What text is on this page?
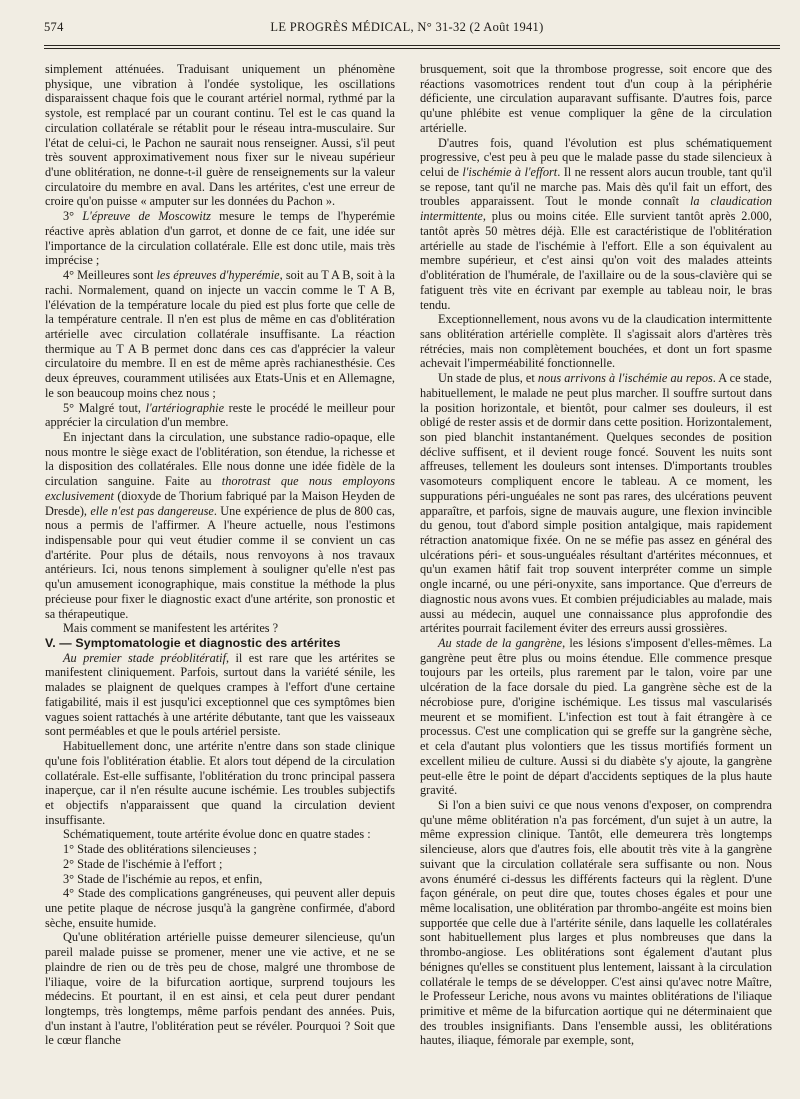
574	LE PROGRÈS MÉDICAL, N° 31-32 (2 Août 1941)

simplement atténuées. Traduisant uniquement un phénomène physique, une vibration à l'ondée systolique, les oscillations disparaissent chaque fois que le courant artériel normal, rythmé par la systole, est remplacé par un courant continu. Tel est le cas quand la circulation collatérale se rétablit pour le réseau intra-musculaire. Sur l'état de celui-ci, le Pachon ne saurait nous renseigner. Aussi, s'il peut très souvent approximativement nous fixer sur le niveau supérieur d'une oblitération, ne donne-t-il guère de renseignements sur la valeur circulatoire du membre en aval. Dans les artérites, c'est une erreur de croire qu'on puisse « amputer sur les données du Pachon ».

3° L'épreuve de Moscowitz mesure le temps de l'hyperémie réactive après ablation d'un garrot, et donne de ce fait, une idée sur l'importance de la circulation collatérale. Elle est donc utile, mais très imprécise ;

4° Meilleures sont les épreuves d'hyperémie, soit au T A B, soit à la rachi. Normalement, quand on injecte un vaccin comme le T A B, l'élévation de la température locale du pied est plus forte que celle de la température centrale. Il n'en est plus de même en cas d'oblitération artérielle avec circulation collatérale insuffisante. La réaction thermique au T A B permet donc dans ces cas d'apprécier la valeur circulatoire du membre. Il en est de même après rachianesthésie. Ces deux épreuves, couramment utilisées aux Etats-Unis et en Allemagne, le son beaucoup moins chez nous ;

5° Malgré tout, l'artériographie reste le procédé le meilleur pour apprécier la circulation d'un membre.

En injectant dans la circulation, une substance radio-opaque, elle nous montre le siège exact de l'oblitération, son étendue, la richesse et la disposition des collatérales. Elle nous donne une idée fidèle de la circulation sanguine. Faite au thorotrast que nous employons exclusivement (dioxyde de Thorium fabriqué par la Maison Heyden de Dresde), elle n'est pas dangereuse. Une expérience de plus de 800 cas, nous a permis de l'affirmer. A l'heure actuelle, nous l'estimons indispensable pour qui veut étudier comme il se convient un cas d'artérite. Pour plus de détails, nous renvoyons à nos travaux antérieurs. Ici, nous tenons simplement à souligner qu'elle n'est pas qu'un amusement iconographique, mais constitue la méthode la plus précieuse pour fixer le diagnostic exact d'une artérite, son pronostic et sa thérapeutique.

Mais comment se manifestent les artérites ?

V. — Symptomatologie et diagnostic des artérites

Au premier stade préoblitératif, il est rare que les artérites se manifestent cliniquement. Parfois, surtout dans la variété sénile, les malades se plaignent de quelques crampes à l'effort d'une certaine fatigabilité, mais il est jusqu'ici exceptionnel que ces symptômes bien vagues soient rattachés à une artérite débutante, tant que les vaisseaux sont perméables et que le pouls artériel persiste.

Habituellement donc, une artérite n'entre dans son stade clinique qu'une fois l'oblitération établie. Et alors tout dépend de la circulation collatérale. Est-elle suffisante, l'oblitération du tronc principal passera inaperçue, car il n'en résulte aucune ischémie. Les troubles subjectifs et objectifs n'apparaissent que quand la circulation devient insuffisante.

Schématiquement, toute artérite évolue donc en quatre stades :

1° Stade des oblitérations silencieuses ;

2° Stade de l'ischémie à l'effort ;

3° Stade de l'ischémie au repos, et enfin,

4° Stade des complications gangréneuses, qui peuvent aller depuis une petite plaque de nécrose jusqu'à la gangrène confirmée, d'abord sèche, ensuite humide.

Qu'une oblitération artérielle puisse demeurer silencieuse, qu'un pareil malade puisse se promener, mener une vie active, et ne se plaindre de rien ou de très peu de chose, malgré une thrombose de l'iliaque, voire de la bifurcation aortique, surprend toujours les médecins. Et pourtant, il en est ainsi, et cela peut durer pendant longtemps, très longtemps, même parfois pendant des années. Puis, d'un instant à l'autre, l'oblitération peut se révéler. Pourquoi ? Soit que le cœur flanche

brusquement, soit que la thrombose progresse, soit encore que des réactions vasomotrices rendent tout d'un coup à la périphérie déficiente, une circulation auparavant suffisante. D'autres fois, parce qu'une phlébite est venue compliquer la gêne de la circulation artérielle.

D'autres fois, quand l'évolution est plus schématiquement progressive, c'est peu à peu que le malade passe du stade silencieux à celui de l'ischémie à l'effort. Il ne ressent alors aucun trouble, tant qu'il se repose, tant qu'il ne marche pas. Mais dès qu'il fait un effort, des troubles apparaissent. Tout le monde connaît la claudication intermittente, plus ou moins citée. Elle survient tantôt après 2.000, tantôt après 50 mètres déjà. Elle est caractéristique de l'oblitération artérielle au stade de l'ischémie à l'effort. Elle a son équivalent au membre supérieur, et c'est ainsi qu'on voit des malades atteints d'oblitération de l'humérale, de l'axillaire ou de la sous-clavière qui se fatiguent très vite en écrivant par exemple au tableau noir, le bras tendu.

Exceptionnellement, nous avons vu de la claudication intermittente sans oblitération artérielle complète. Il s'agissait alors d'artères très rétrécies, mais non complètement bouchées, et dont un fort spasme achevait l'imperméabilité fonctionnelle.

Un stade de plus, et nous arrivons à l'ischémie au repos. A ce stade, habituellement, le malade ne peut plus marcher. Il souffre surtout dans la position horizontale, et bientôt, pour calmer ses douleurs, il est obligé de rester assis et de dormir dans cette position. Horizontalement, son pied blanchit instantanément. Quelques secondes de position déclive suffisent, et il devient rouge foncé. Souvent les nuits sont affreuses, tellement les douleurs sont intenses. D'importants troubles vasomoteurs compliquent encore le tableau. A ce moment, les suppurations péri-unguéales ne sont pas rares, des ulcérations peuvent apparaître, et parfois, signe de mauvais augure, une flexion invincible du genou, tout d'abord simple position antalgique, mais rapidement rétraction anatomique fixée. On ne se méfie pas assez en général des ulcérations péri- et sous-unguéales résultant d'artérites méconnues, et qu'un examen hâtif fait trop souvent interpréter comme un simple ongle incarné, ou une péri-onyxite, sans importance. Que d'erreurs de diagnostic nous avons vues. Et combien préjudiciables au malade, mais aussi au médecin, auquel une connaissance plus approfondie des artérites pourrait facilement éviter des erreurs aussi grossières.

Au stade de la gangrène, les lésions s'imposent d'elles-mêmes. La gangrène peut être plus ou moins étendue. Elle commence presque toujours par les orteils, plus rarement par le talon, voire par une ulcération de la face dorsale du pied. La gangrène sèche est de la nécrobiose pure, d'origine ischémique. Les tissus mal vascularisés meurent et se momifient. L'infection est tout à fait étrangère à ce processus. C'est une complication qui se greffe sur la gangrène sèche, et cela d'autant plus volontiers que les tissus mortifiés forment un excellent milieu de culture. Aussi si du diabète s'y ajoute, la gangrène peut-elle être le point de départ d'accidents septiques de la plus haute gravité.

Si l'on a bien suivi ce que nous venons d'exposer, on comprendra qu'une même oblitération n'a pas forcément, d'un sujet à un autre, la même expression clinique. Tantôt, elle demeurera très longtemps silencieuse, alors que d'autres fois, elle aboutit très vite à la gangrène suivant que la circulation collatérale sera suffisante ou non. Nous avons énuméré ci-dessus les différents facteurs qui la règlent. D'une façon générale, on peut dire que, toutes choses égales et pour une même localisation, une oblitération par thrombo-angéite est moins bien supportée que celle due à l'artérite sénile, dans laquelle les collatérales sont habituellement plus larges et plus nombreuses que dans la thrombo-angiose. Les oblitérations sont également d'autant plus bénignes qu'elles se constituent plus lentement, laissant à la circulation collatérale le temps de se développer. C'est ainsi qu'avec notre Maître, le Professeur Leriche, nous avons vu maintes oblitérations de l'iliaque primitive et même de la bifurcation aortique qui ne déterminaient que des troubles insignifiants. Dans l'ensemble aussi, les oblitérations hautes, iliaque, fémorale par exemple, sont,
